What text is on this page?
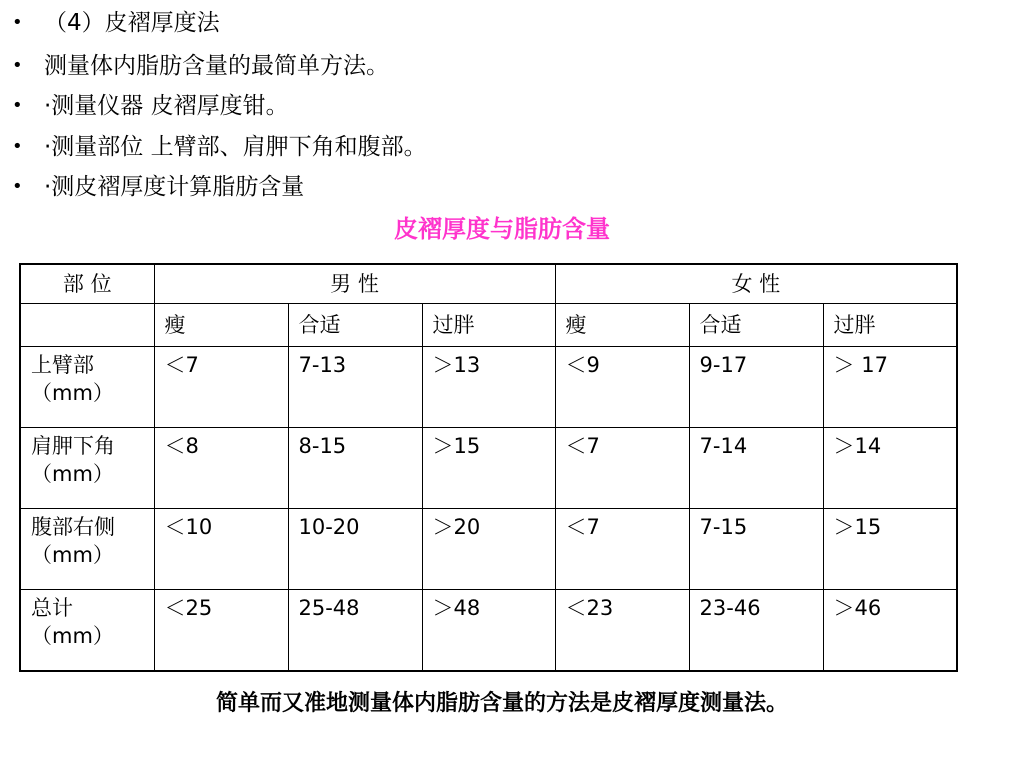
• （4）皮褶厚度法
• 测量体内脂肪含量的最简单方法。
• ·测量仪器 皮褶厚度钳。
• ·测量部位 上臂部、肩胛下角和腹部。
• ·测皮褶厚度计算脂肪含量
皮褶厚度与脂肪含量
部 位	男 性			女 性		
	瘦	合适	过胖	瘦	合适	过胖

上臂部
（mm）	＜7	7-13	＞13	＜9	9-17	＞ 17

肩胛下角
（mm）	＜8	8-15	＞15	＜7	7-14	＞14

腹部右侧
（mm）	＜10	10-20	＞20	＜7	7-15	＞15

总计
（mm）	＜25	25-48	＞48	＜23	23-46	＞46
简单而又准地测量体内脂肪含量的方法是皮褶厚度测量法。
